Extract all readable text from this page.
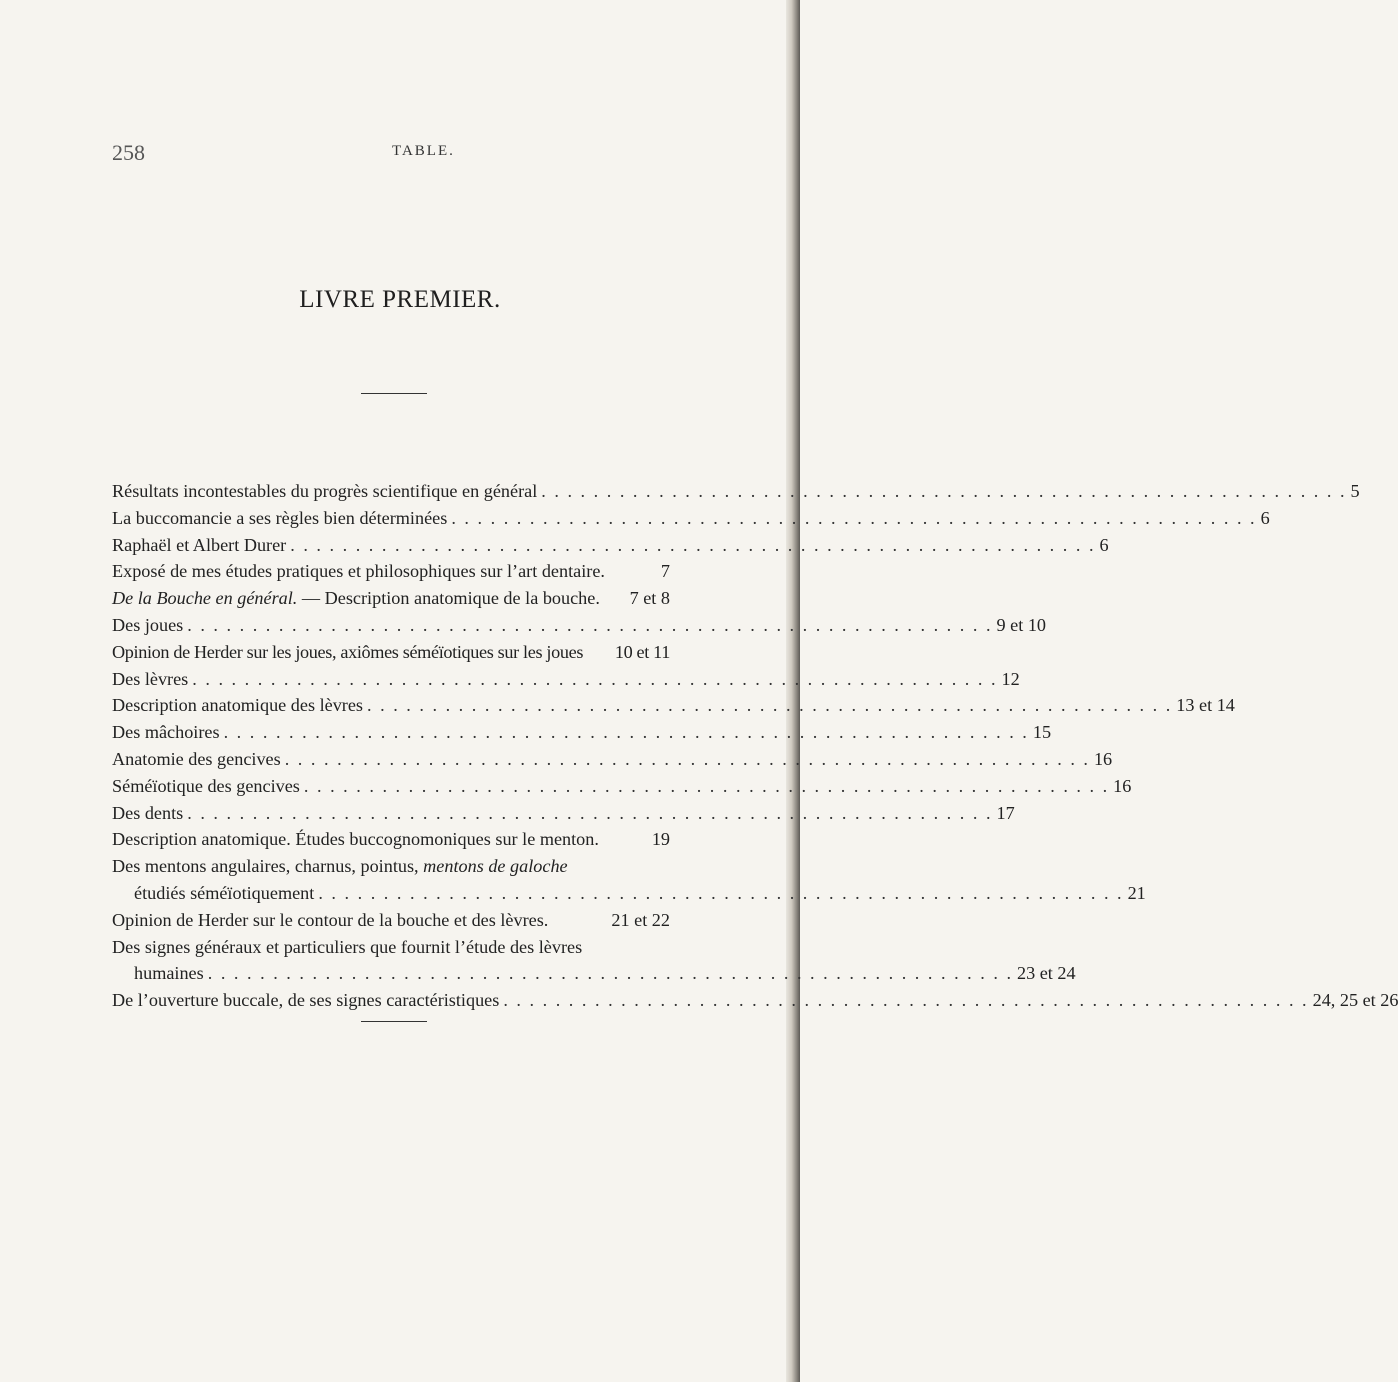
258	TABLE.
LIVRE PREMIER.
Résultats incontestables du progrès scientifique en général . . .	5
La buccomancie a ses règles bien déterminées . . .	6
Raphaël et Albert Durer . . .	6
Exposé de mes études pratiques et philosophiques sur l’art dentaire.	7
De la Bouche en général. — Description anatomique de la bouche. 7 et 8
Des joues . . .	9 et 10
Opinion de Herder sur les joues, axiômes séméïotiques sur les joues 10 et 11
Des lèvres . . .	12
Description anatomique des lèvres . . .	13 et 14
Des mâchoires . . .	15
Anatomie des gencives . . .	16
Séméïotique des gencives . . .	16
Des dents . . .	17
Description anatomique. Études buccognomoniques sur le menton.	19
Des mentons angulaires, charnus, pointus, mentons de galoche
étudiés séméïotiquement . . .	21
Opinion de Herder sur le contour de la bouche et des lèvres.	21 et 22
Des signes généraux et particuliers que fournit l’étude des lèvres
humaines . . .	23 et 24
De l’ouverture buccale, de ses signes caractéristiques . . .	24, 25 et 26
